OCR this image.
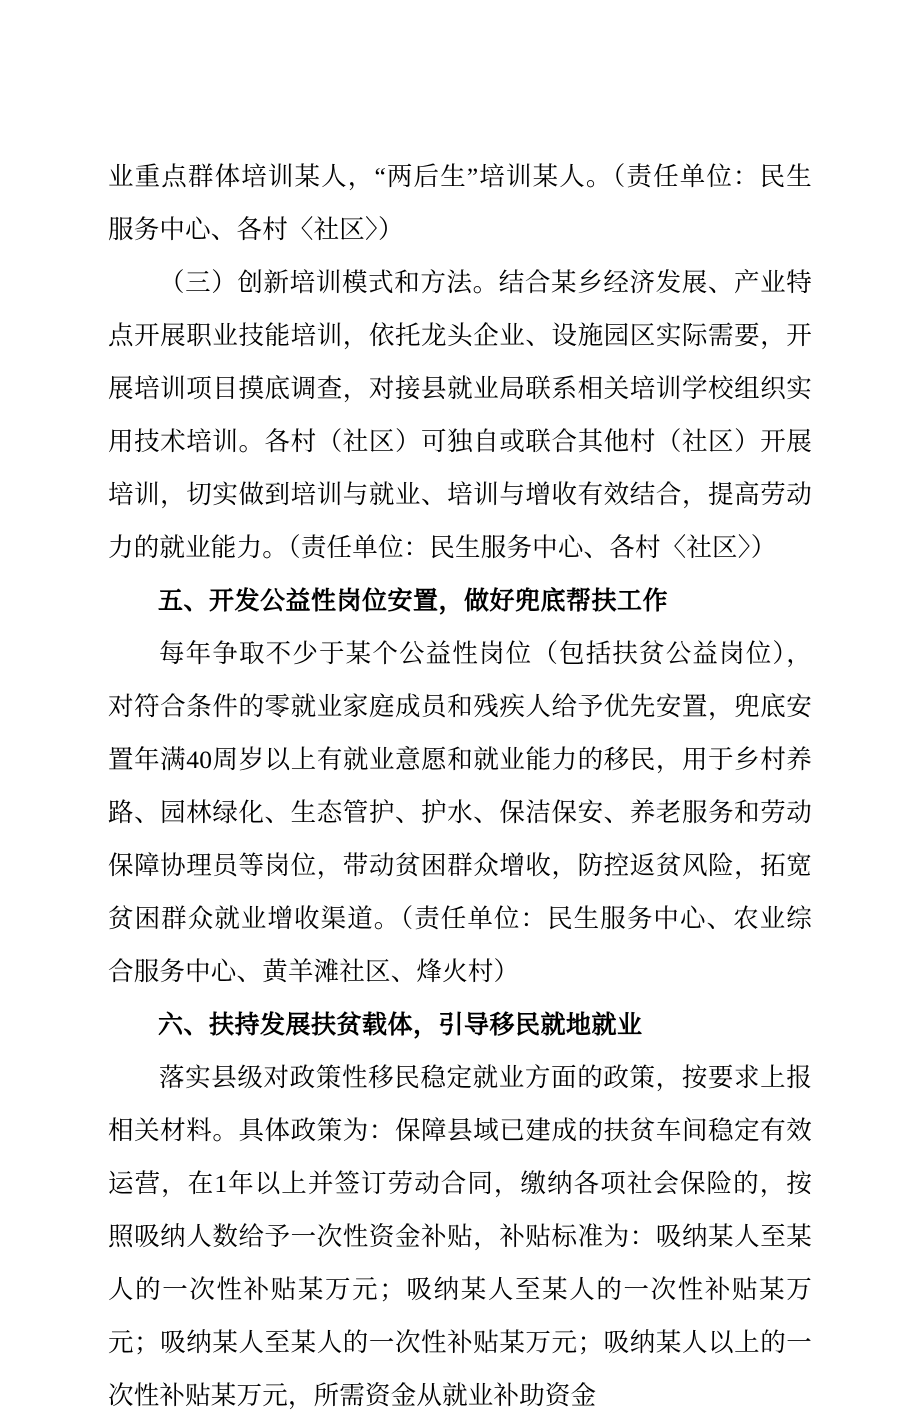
业重点群体培训某人，“两后生”培训某人。（责任单位：民生服务中心、各村〈社区〉）

（三）创新培训模式和方法。结合某乡经济发展、产业特点开展职业技能培训，依托龙头企业、设施园区实际需要，开展培训项目摸底调查，对接县就业局联系相关培训学校组织实用技术培训。各村（社区）可独自或联合其他村（社区）开展培训，切实做到培训与就业、培训与增收有效结合，提高劳动力的就业能力。（责任单位：民生服务中心、各村〈社区〉）

五、开发公益性岗位安置，做好兜底帮扶工作

每年争取不少于某个公益性岗位（包括扶贫公益岗位），对符合条件的零就业家庭成员和残疾人给予优先安置，兜底安置年满40周岁以上有就业意愿和就业能力的移民，用于乡村养路、园林绿化、生态管护、护水、保洁保安、养老服务和劳动保障协理员等岗位，带动贫困群众增收，防控返贫风险，拓宽贫困群众就业增收渠道。（责任单位：民生服务中心、农业综合服务中心、黄羊滩社区、烽火村）

六、扶持发展扶贫载体，引导移民就地就业

落实县级对政策性移民稳定就业方面的政策，按要求上报相关材料。具体政策为：保障县域已建成的扶贫车间稳定有效运营，在1年以上并签订劳动合同，缴纳各项社会保险的，按照吸纳人数给予一次性资金补贴，补贴标准为：吸纳某人至某人的一次性补贴某万元；吸纳某人至某人的一次性补贴某万元；吸纳某人至某人的一次性补贴某万元；吸纳某人以上的一次性补贴某万元，所需资金从就业补助资金
